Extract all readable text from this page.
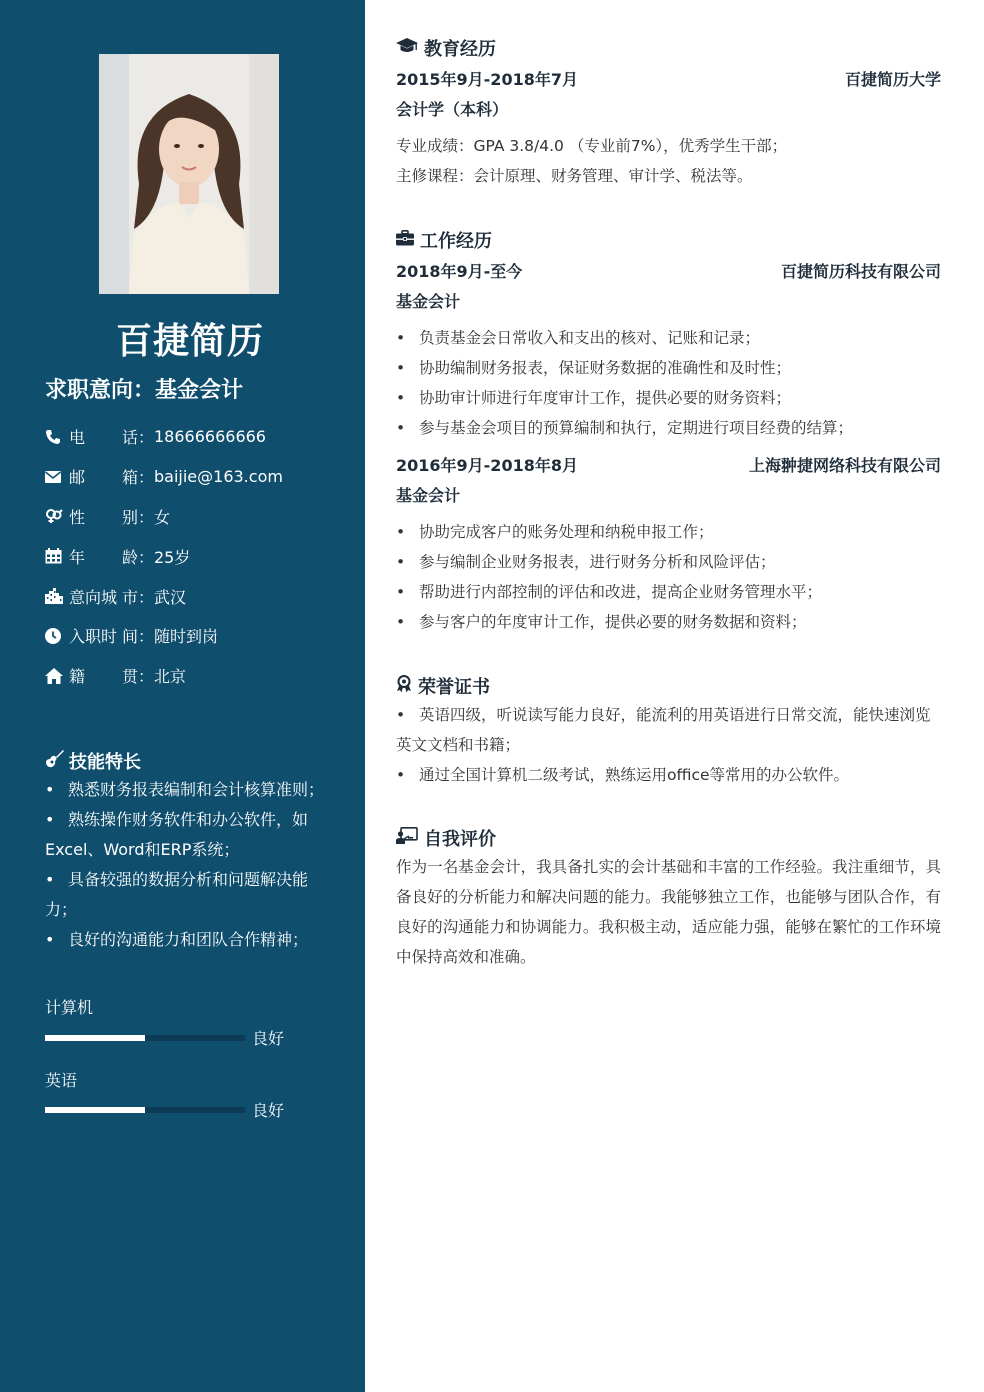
百捷简历
求职意向：基金会计
电 话： 18666666666
邮 箱： baijie@163.com
性 别： 女
年 龄： 25岁
意向城 市： 武汉
入职时 间： 随时到岗
籍 贯： 北京
技能特长
• 熟悉财务报表编制和会计核算准则；
• 熟练操作财务软件和办公软件，如Excel、Word和ERP系统；
• 具备较强的数据分析和问题解决能力；
• 良好的沟通能力和团队合作精神；
计算机
良好
英语
良好
教育经历
2015年9月-2018年7月	百捷简历大学
会计学（本科）
专业成绩：GPA 3.8/4.0 （专业前7%），优秀学生干部；
主修课程：会计原理、财务管理、审计学、税法等。
工作经历
2018年9月-至今	百捷简历科技有限公司
基金会计
• 负责基金会日常收入和支出的核对、记账和记录；
• 协助编制财务报表，保证财务数据的准确性和及时性；
• 协助审计师进行年度审计工作，提供必要的财务资料；
• 参与基金会项目的预算编制和执行，定期进行项目经费的结算；
2016年9月-2018年8月	上海翀捷网络科技有限公司
基金会计
• 协助完成客户的账务处理和纳税申报工作；
• 参与编制企业财务报表，进行财务分析和风险评估；
• 帮助进行内部控制的评估和改进，提高企业财务管理水平；
• 参与客户的年度审计工作，提供必要的财务数据和资料；
荣誉证书
• 英语四级，听说读写能力良好，能流利的用英语进行日常交流，能快速浏览英文文档和书籍；
• 通过全国计算机二级考试，熟练运用office等常用的办公软件。
自我评价
作为一名基金会计，我具备扎实的会计基础和丰富的工作经验。我注重细节，具备良好的分析能力和解决问题的能力。我能够独立工作，也能够与团队合作，有良好的沟通能力和协调能力。我积极主动，适应能力强，能够在繁忙的工作环境中保持高效和准确。
